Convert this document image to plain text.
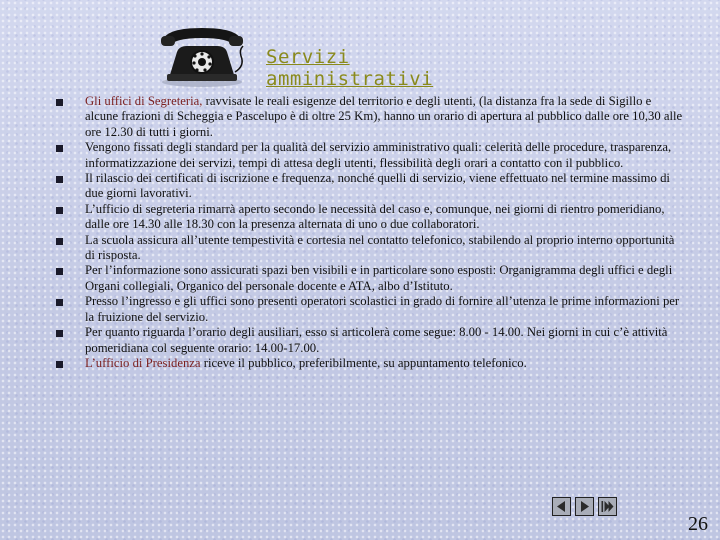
Servizi amministrativi
Gli uffici di Segreteria, ravvisate le reali esigenze del territorio e degli utenti, (la distanza fra la sede di Sigillo e alcune frazioni di Scheggia e Pascelupo è di oltre 25 Km), hanno un orario di apertura al pubblico dalle ore 10,30 alle ore 12.30 di tutti i giorni.
Vengono fissati degli standard per la qualità del servizio amministrativo quali: celerità delle procedure, trasparenza, informatizzazione dei servizi, tempi di attesa degli utenti, flessibilità degli orari a contatto con il pubblico.
Il rilascio dei certificati di iscrizione e frequenza, nonché quelli di servizio, viene effettuato nel termine massimo di due giorni lavorativi.
L’ufficio di segreteria rimarrà aperto secondo le necessità del caso e, comunque, nei giorni di rientro pomeridiano, dalle ore 14.30 alle 18.30 con la presenza alternata di uno o due collaboratori.
La scuola assicura all’utente tempestività e cortesia nel contatto telefonico, stabilendo al proprio interno opportunità di risposta.
Per l’informazione sono assicurati spazi ben visibili e in particolare sono esposti: Organigramma degli uffici e degli Organi collegiali, Organico del personale docente e ATA, albo d’Istituto.
Presso l’ingresso e gli uffici sono presenti operatori scolastici in grado di fornire all’utenza le prime informazioni per la fruizione del servizio.
Per quanto riguarda l’orario degli ausiliari, esso si articolerà come segue: 8.00 - 14.00. Nei giorni in cui c’è attività pomeridiana col seguente orario: 14.00-17.00.
L’ufficio di Presidenza riceve il pubblico, preferibilmente, su appuntamento telefonico.
26
